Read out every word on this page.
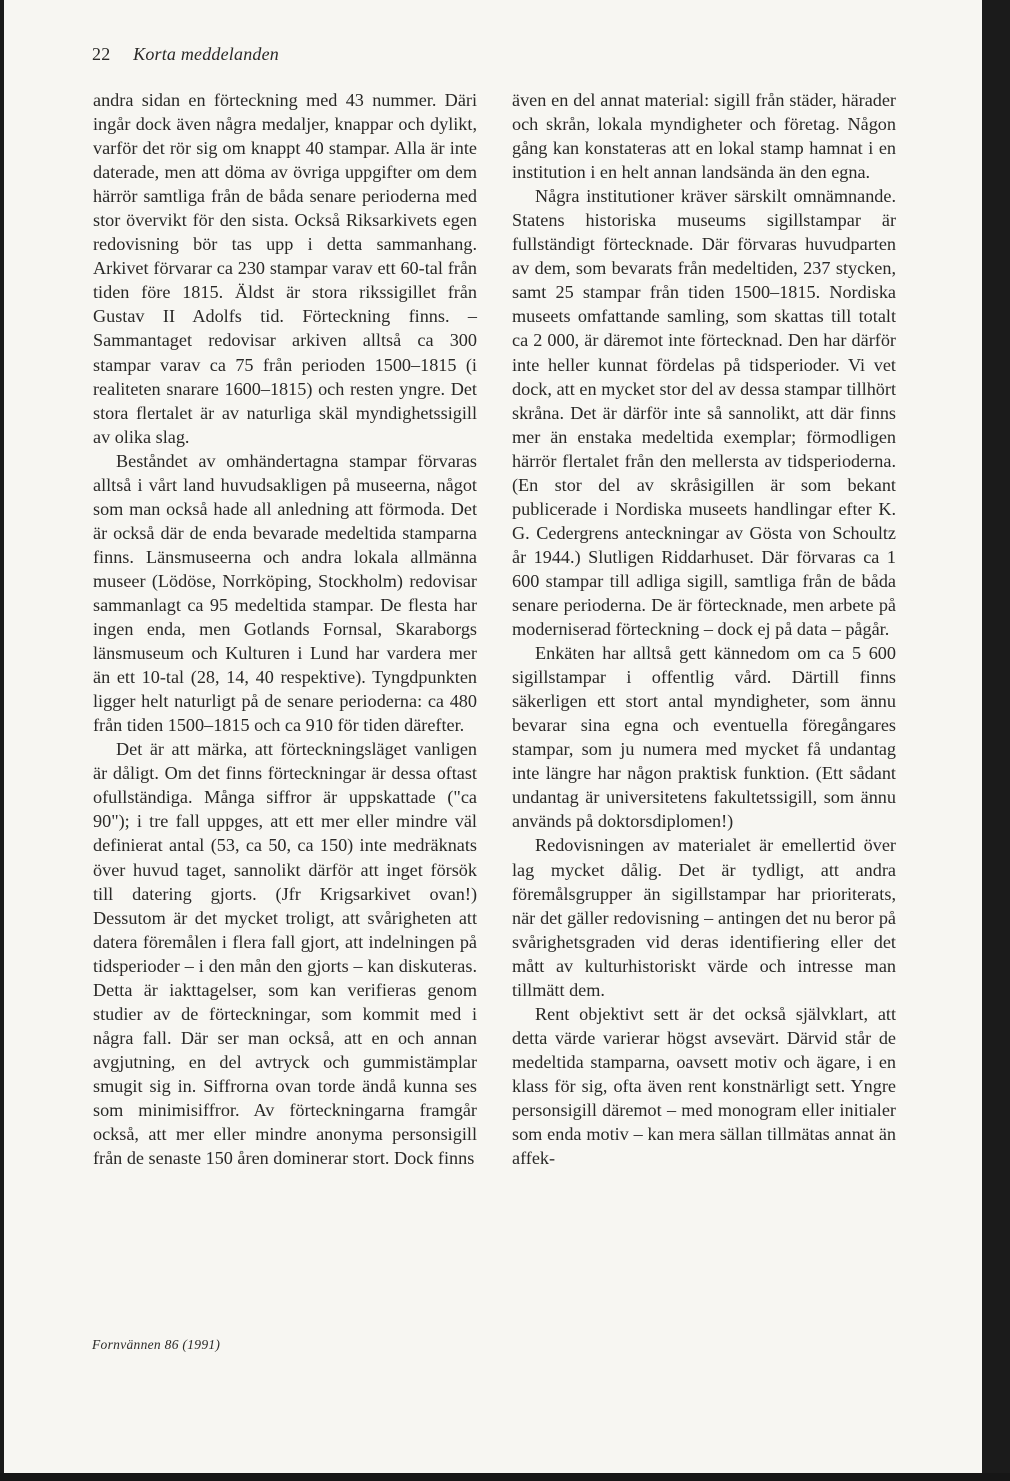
22 Korta meddelanden

andra sidan en förteckning med 43 nummer. Däri ingår dock även några medaljer, knappar och dylikt, varför det rör sig om knappt 40 stampar. Alla är inte daterade, men att döma av övriga uppgifter om dem härrör samtliga från de båda senare perioderna med stor övervikt för den sista. Också Riksarkivets egen redovisning bör tas upp i detta sammanhang. Arkivet förvarar ca 230 stampar varav ett 60-tal från tiden före 1815. Äldst är stora rikssigillet från Gustav II Adolfs tid. Förteckning finns. – Sammantaget redovisar arkiven alltså ca 300 stampar varav ca 75 från perioden 1500–1815 (i realiteten snarare 1600–1815) och resten yngre. Det stora flertalet är av naturliga skäl myndighetssigill av olika slag.

Beståndet av omhändertagna stampar förvaras alltså i vårt land huvudsakligen på museerna, något som man också hade all anledning att förmoda. Det är också där de enda bevarade medeltida stamparna finns. Länsmuseerna och andra lokala allmänna museer (Lödöse, Norrköping, Stockholm) redovisar sammanlagt ca 95 medeltida stampar. De flesta har ingen enda, men Gotlands Fornsal, Skaraborgs länsmuseum och Kulturen i Lund har vardera mer än ett 10-tal (28, 14, 40 respektive). Tyngdpunkten ligger helt naturligt på de senare perioderna: ca 480 från tiden 1500–1815 och ca 910 för tiden därefter.

Det är att märka, att förteckningsläget vanligen är dåligt. Om det finns förteckningar är dessa oftast ofullständiga. Många siffror är uppskattade ("ca 90"); i tre fall uppges, att ett mer eller mindre väl definierat antal (53, ca 50, ca 150) inte medräknats över huvud taget, sannolikt därför att inget försök till datering gjorts. (Jfr Krigsarkivet ovan!) Dessutom är det mycket troligt, att svårigheten att datera föremålen i flera fall gjort, att indelningen på tidsperioder – i den mån den gjorts – kan diskuteras. Detta är iakttagelser, som kan verifieras genom studier av de förteckningar, som kommit med i några fall. Där ser man också, att en och annan avgjutning, en del avtryck och gummistämplar smugit sig in. Siffrorna ovan torde ändå kunna ses som minimisiffror. Av förteckningarna framgår också, att mer eller mindre anonyma personsigill från de senaste 150 åren dominerar stort. Dock finns

även en del annat material: sigill från städer, härader och skrån, lokala myndigheter och företag. Någon gång kan konstateras att en lokal stamp hamnat i en institution i en helt annan landsända än den egna.

Några institutioner kräver särskilt omnämnande. Statens historiska museums sigillstampar är fullständigt förtecknade. Där förvaras huvudparten av dem, som bevarats från medeltiden, 237 stycken, samt 25 stampar från tiden 1500–1815. Nordiska museets omfattande samling, som skattas till totalt ca 2 000, är däremot inte förtecknad. Den har därför inte heller kunnat fördelas på tidsperioder. Vi vet dock, att en mycket stor del av dessa stampar tillhört skråna. Det är därför inte så sannolikt, att där finns mer än enstaka medeltida exemplar; förmodligen härrör flertalet från den mellersta av tidsperioderna. (En stor del av skråsigillen är som bekant publicerade i Nordiska museets handlingar efter K. G. Cedergrens anteckningar av Gösta von Schoultz år 1944.) Slutligen Riddarhuset. Där förvaras ca 1 600 stampar till adliga sigill, samtliga från de båda senare perioderna. De är förtecknade, men arbete på moderniserad förteckning – dock ej på data – pågår.

Enkäten har alltså gett kännedom om ca 5 600 sigillstampar i offentlig vård. Därtill finns säkerligen ett stort antal myndigheter, som ännu bevarar sina egna och eventuella föregångares stampar, som ju numera med mycket få undantag inte längre har någon praktisk funktion. (Ett sådant undantag är universitetens fakultetssigill, som ännu används på doktorsdiplomen!)

Redovisningen av materialet är emellertid över lag mycket dålig. Det är tydligt, att andra föremålsgrupper än sigillstampar har prioriterats, när det gäller redovisning – antingen det nu beror på svårighetsgraden vid deras identifiering eller det mått av kulturhistoriskt värde och intresse man tillmätt dem.

Rent objektivt sett är det också självklart, att detta värde varierar högst avsevärt. Därvid står de medeltida stamparna, oavsett motiv och ägare, i en klass för sig, ofta även rent konstnärligt sett. Yngre personsigill däremot – med monogram eller initialer som enda motiv – kan mera sällan tillmätas annat än affek-

Fornvännen 86 (1991)
